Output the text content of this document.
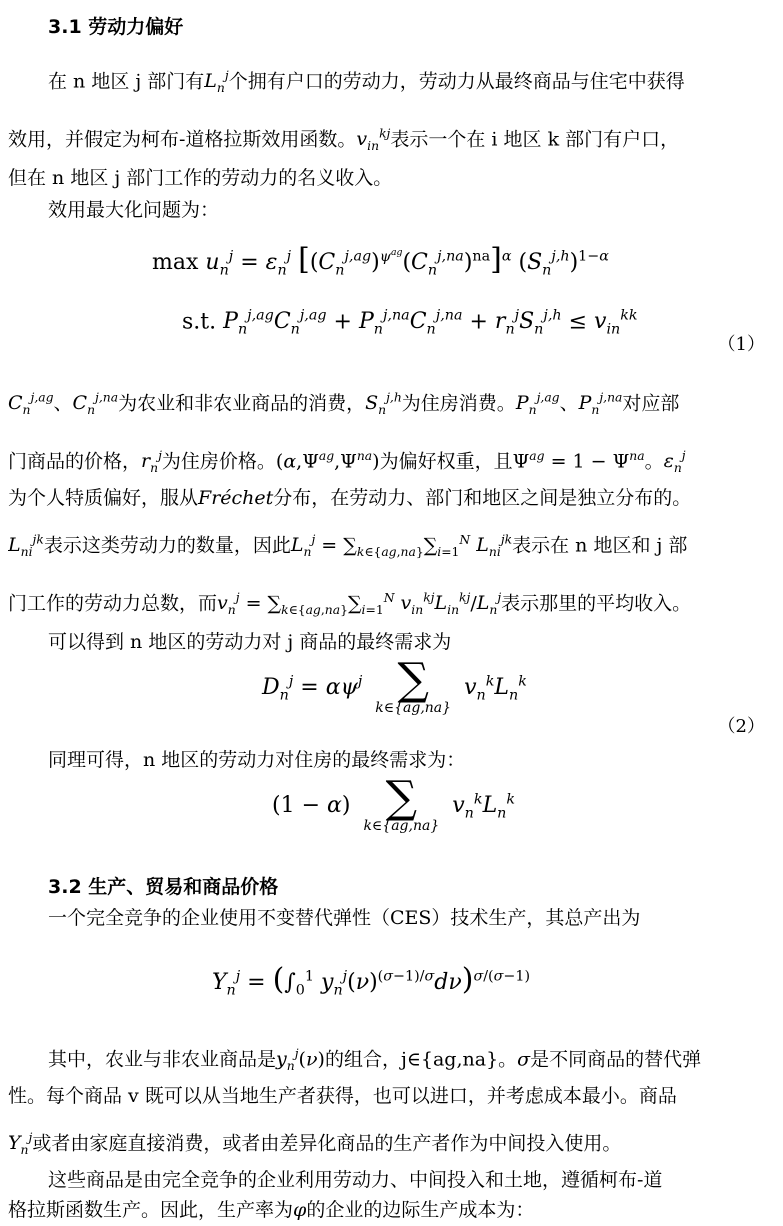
3.1 劳动力偏好
在 n 地区 j 部门有$L_n^j$个拥有户口的劳动力，劳动力从最终商品与住宅中获得
效用，并假定为柯布-道格拉斯效用函数。$v_{in}^{kj}$表示一个在 i 地区 k 部门有户口，
但在 n 地区 j 部门工作的劳动力的名义收入。
效用最大化问题为：
$\max u_n^j = \varepsilon_n^j$ $[(C_n^{j,ag})^{\psi^{ag}}(C_n^{j,na})^{na}]^\alpha$ $(S_n^{j,h})^{1-\alpha}$
s.t. $P_n^{j,ag}C_n^{j,ag} + P_n^{j,na}C_n^{j,na} + r_n^jS_n^{j,h} \le v_{in}^{kk}$
（1）
$C_n^{j,ag}$、$C_n^{j,na}$为农业和非农业商品的消费，$S_n^{j,h}$为住房消费。$P_n^{j,ag}$、$P_n^{j,na}$对应部
门商品的价格，$r_n^j$为住房价格。$(\alpha,\Psi^{ag},\Psi^{na})$为偏好权重，且$\Psi^{ag} = 1 - \Psi^{na}$。$\varepsilon_n^j$
为个人特质偏好，服从Fréchet分布，在劳动力、部门和地区之间是独立分布的。
$L_{ni}^{jk}$表示这类劳动力的数量，因此$L_n^j = \sum_{k\in\{ag,na\}}\sum_{i=1}^N$ $L_{ni}^{jk}$表示在 n 地区和 j 部
门工作的劳动力总数，而$v_n^j = \sum_{k\in\{ag,na\}}\sum_{i=1}^N$ $v_{in}^{kj}L_{in}^{kj}/L_n^j$表示那里的平均收入。
可以得到 n 地区的劳动力对 j 商品的最终需求为
$D_n^j = \alpha\psi^j$ ∑
k∈{ag,na}
$v_n^kL_n^k$
（2）
同理可得，n 地区的劳动力对住房的最终需求为：
(1 − α) ∑
k∈{ag,na}
$v_n^kL_n^k$
3.2 生产、贸易和商品价格
一个完全竞争的企业使用不变替代弹性（CES）技术生产，其总产出为
$Y_n^j = (\int_0^1$ $y_n^j(\nu)^{(\sigma-1)/\sigma}d\nu)^{\sigma/(\sigma-1)}$
其中，农业与非农业商品是$y_n^j(\nu)$的组合，j∈{ag,na}。σ是不同商品的替代弹
性。每个商品 v 既可以从当地生产者获得，也可以进口，并考虑成本最小。商品
$Y_n^j$或者由家庭直接消费，或者由差异化商品的生产者作为中间投入使用。
这些商品是由完全竞争的企业利用劳动力、中间投入和土地，遵循柯布-道
格拉斯函数生产。因此，生产率为φ的企业的边际生产成本为：
